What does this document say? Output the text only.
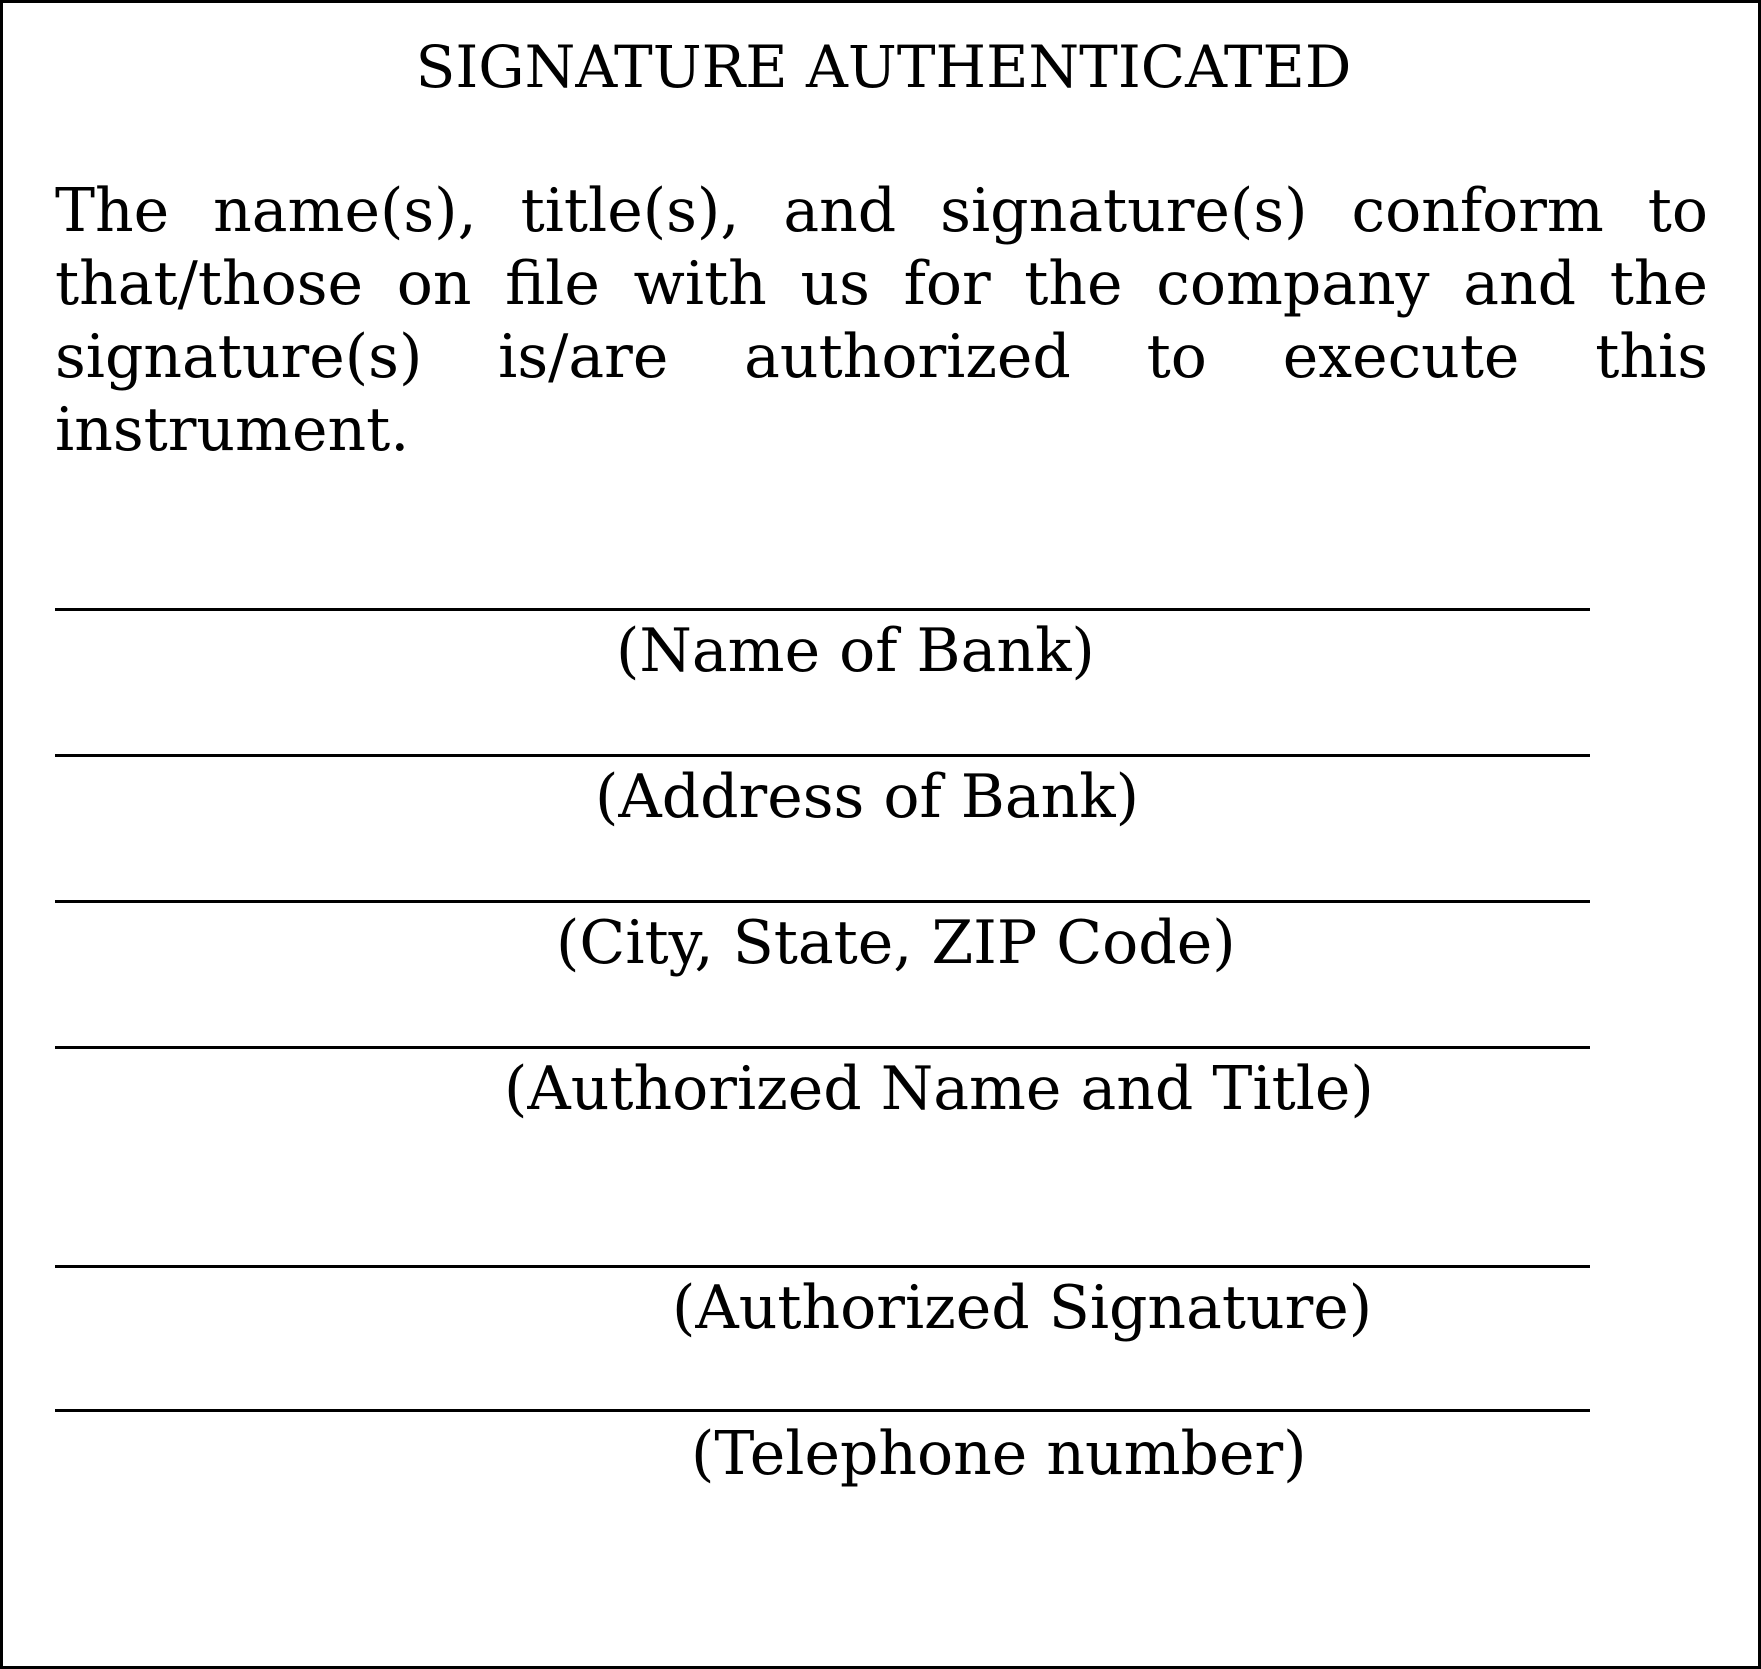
SIGNATURE AUTHENTICATED

The name(s), title(s), and signature(s) conform to that/those on file with us for the company and the signature(s) is/are authorized to execute this instrument.

(Name of Bank)
(Address of Bank)
(City, State, ZIP Code)
(Authorized Name and Title)
(Authorized Signature)
(Telephone number)
